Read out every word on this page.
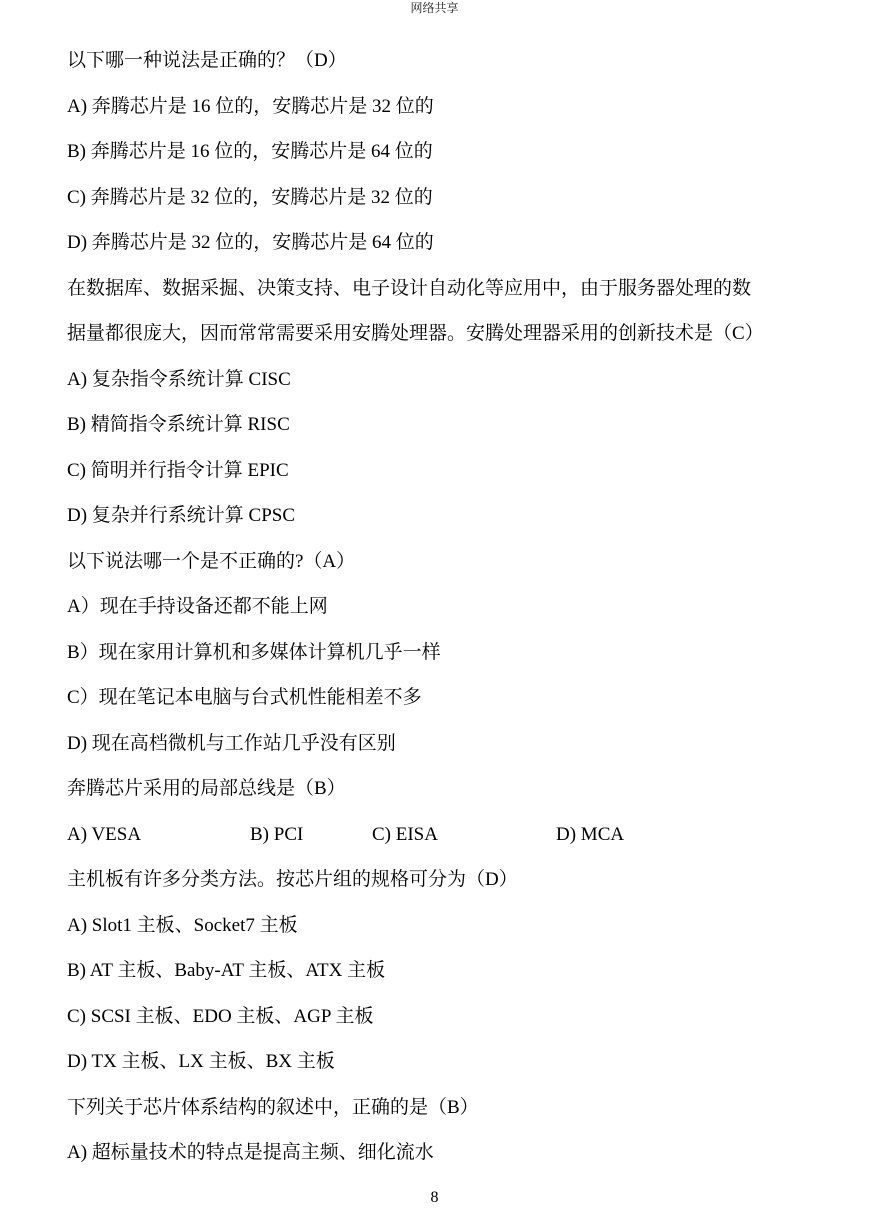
网络共享
以下哪一种说法是正确的？（D）
A) 奔腾芯片是 16 位的，安腾芯片是 32 位的
B) 奔腾芯片是 16 位的，安腾芯片是 64 位的
C) 奔腾芯片是 32 位的，安腾芯片是 32 位的
D) 奔腾芯片是 32 位的，安腾芯片是 64 位的
在数据库、数据采掘、决策支持、电子设计自动化等应用中，由于服务器处理的数
据量都很庞大，因而常常需要采用安腾处理器。安腾处理器采用的创新技术是（C）
A) 复杂指令系统计算 CISC
B) 精简指令系统计算 RISC
C) 简明并行指令计算 EPIC
D) 复杂并行系统计算 CPSC
以下说法哪一个是不正确的?（A）
A）现在手持设备还都不能上网
B）现在家用计算机和多媒体计算机几乎一样
C）现在笔记本电脑与台式机性能相差不多
D) 现在高档微机与工作站几乎没有区别
奔腾芯片采用的局部总线是（B）
A) VESA	B) PCI	C) EISA	D) MCA
主机板有许多分类方法。按芯片组的规格可分为（D）
A) Slot1 主板、Socket7 主板
B) AT 主板、Baby-AT 主板、ATX 主板
C) SCSI 主板、EDO 主板、AGP 主板
D) TX 主板、LX 主板、BX 主板
下列关于芯片体系结构的叙述中，正确的是（B）
A) 超标量技术的特点是提高主频、细化流水
8
